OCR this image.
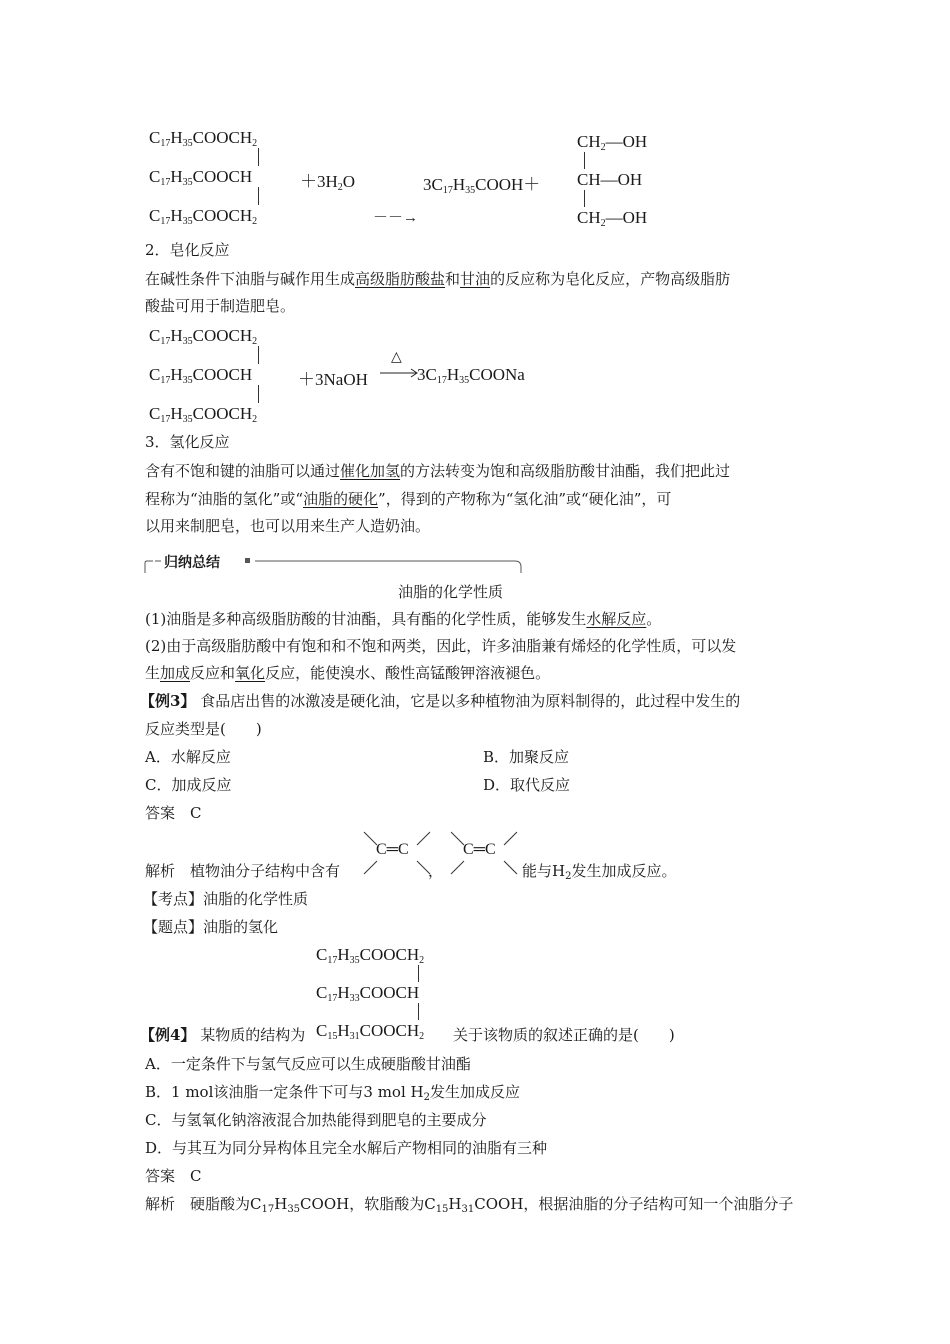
$C_{17}H_{35}COOCH_2$
$C_{17}H_{35}COOCH$
$C_{17}H_{35}COOCH_2$
$+3H_2O$
－－→
$3C_{17}H_{35}COOH+$
$CH_2—OH$
CH—OH
$CH_2—OH$
2．皂化反应
在碱性条件下油脂与碱作用生成高级脂肪酸盐和甘油的反应称为皂化反应，产物高级脂肪
酸盐可用于制造肥皂。
$C_{17}H_{35}COOCH_2$
$C_{17}H_{35}COOCH$
$C_{17}H_{35}COOCH_2$
＋3NaOH
△
$3C_{17}H_{35}COONa$
3．氢化反应
含有不饱和键的油脂可以通过催化加氢的方法转变为饱和高级脂肪酸甘油酯，我们把此过
程称为“油脂的氢化”或“油脂的硬化”，得到的产物称为“氢化油”或“硬化油”，可
以用来制肥皂，也可以用来生产人造奶油。
归纳总结
油脂的化学性质
(1)油脂是多种高级脂肪酸的甘油酯，具有酯的化学性质，能够发生水解反应。
(2)由于高级脂肪酸中有饱和和不饱和两类，因此，许多油脂兼有烯烃的化学性质，可以发
生加成反应和氧化反应，能使溴水、酸性高锰酸钾溶液褪色。
【例3】 食品店出售的冰激凌是硬化油，它是以多种植物油为原料制得的，此过程中发生的
反应类型是(　　)
A．水解反应	B．加聚反应
C．加成反应	D．取代反应
答案　C
解析　植物油分子结构中含有
C═C
，
C═C
能与$H_2$发生加成反应。
【考点】油脂的化学性质
【题点】油脂的氢化
$C_{17}H_{35}COOCH_2$
$C_{17}H_{33}COOCH$
【例4】 某物质的结构为 $C_{15}H_{31}COOCH_2$ 关于该物质的叙述正确的是(　　)
A．一定条件下与氢气反应可以生成硬脂酸甘油酯
B．1 mol该油脂一定条件下可与3 mol $H_2$发生加成反应
C．与氢氧化钠溶液混合加热能得到肥皂的主要成分
D．与其互为同分异构体且完全水解后产物相同的油脂有三种
答案　C
解析　硬脂酸为$C_{17}H_{35}COOH$，软脂酸为$C_{15}H_{31}COOH$，根据油脂的分子结构可知一个油脂分子
